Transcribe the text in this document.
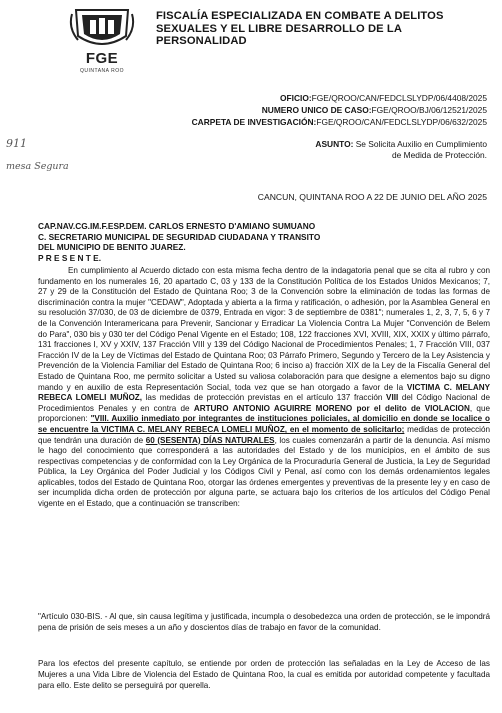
FGE
QUINTANA ROO
FISCALÍA ESPECIALIZADA EN COMBATE A DELITOS
SEXUALES Y EL LIBRE DESARROLLO DE LA
PERSONALIDAD
OFICIO:FGE/QROO/CAN/FEDCLSLYDP/06/4408/2025
NUMERO UNICO DE CASO:FGE/QROO/BJ/06/12521/2025
CARPETA DE INVESTIGACIÓN:FGE/QROO/CAN/FEDCLSLYDP/06/632/2025
911
mesa Segura
ASUNTO: Se Solicita Auxilio en Cumplimiento
de Medida de Protección.
CANCUN, QUINTANA ROO A 22 DE JUNIO DEL AÑO 2025
CAP.NAV.CG.IM.F.ESP.DEM. CARLOS ERNESTO D'AMIANO SUMUANO
C. SECRETARIO MUNICIPAL DE SEGURIDAD CIUDADANA Y TRANSITO
DEL MUNICIPIO DE BENITO JUAREZ.
P R E S E N T E.
En cumplimiento al Acuerdo dictado con esta misma fecha dentro de la indagatoria penal que se cita al rubro y con fundamento en los numerales 16, 20 apartado C, 03 y 133 de la Constitución Política de los Estados Unidos Mexicanos; 7, 27 y 29 de la Constitución del Estado de Quintana Roo; 3 de la Convención sobre la eliminación de todas las formas de discriminación contra la mujer "CEDAW", Adoptada y abierta a la firma y ratificación, o adhesión, por la Asamblea General en su resolución 37/030, de 03 de diciembre de 0379, Entrada en vigor: 3 de septiembre de 0381"; numerales 1, 2, 3, 7, 5, 6 y 7 de la Convención Interamericana para Prevenir, Sancionar y Erradicar La Violencia Contra La Mujer "Convención de Belem do Para", 030 bis y 030 ter del Código Penal Vigente en el Estado; 108, 122 fracciones XVI, XVIII, XIX, XXIX y último párrafo, 131 fracciones I, XV y XXIV, 137 Fracción VIII y 139 del Código Nacional de Procedimientos Penales; 1, 7 Fracción VIII, 037 Fracción IV de la Ley de Víctimas del Estado de Quintana Roo; 03 Párrafo Primero, Segundo y Tercero de la Ley Asistencia y Prevención de la Violencia Familiar del Estado de Quintana Roo; 6 inciso a) fracción XIX de la Ley de la Fiscalía General del Estado de Quintana Roo, me permito solicitar a Usted su valiosa colaboración para que designe a elementos bajo su digno mando y en auxilio de esta Representación Social, toda vez que se han otorgado a favor de la VICTIMA C. MELANY REBECA LOMELI MUÑOZ, las medidas de protección previstas en el artículo 137 fracción VIII del Código Nacional de Procedimientos Penales y en contra de ARTURO ANTONIO AGUIRRE MORENO por el delito de VIOLACION, que proporcionen: "VIII. Auxilio inmediato por integrantes de instituciones policiales, al domicilio en donde se localice o se encuentre la VICTIMA C. MELANY REBECA LOMELI MUÑOZ, en el momento de solicitarlo; medidas de protección que tendrán una duración de 60 (SESENTA) DÍAS NATURALES, los cuales comenzarán a partir de la denuncia. Así mismo le hago del conocimiento que corresponderá a las autoridades del Estado y de los municipios, en el ámbito de sus respectivas competencias y de conformidad con la Ley Orgánica de la Procuraduría General de Justicia, la Ley de Seguridad Pública, la Ley Orgánica del Poder Judicial y los Códigos Civil y Penal, así como con los demás ordenamientos legales aplicables, todos del Estado de Quintana Roo, otorgar las órdenes emergentes y preventivas de la presente ley y en caso de ser incumplida dicha orden de protección por alguna parte, se actuara bajo los criterios de los artículos del Código Penal vigente en el Estado, que a continuación se transcriben:
"Artículo 030-BIS. - Al que, sin causa legítima y justificada, incumpla o desobedezca una orden de protección, se le impondrá pena de prisión de seis meses a un año y doscientos días de trabajo en favor de la comunidad.
Para los efectos del presente capítulo, se entiende por orden de protección las señaladas en la Ley de Acceso de las Mujeres a una Vida Libre de Violencia del Estado de Quintana Roo, la cual es emitida por autoridad competente y facultada para ello. Este delito se perseguirá por querella.
